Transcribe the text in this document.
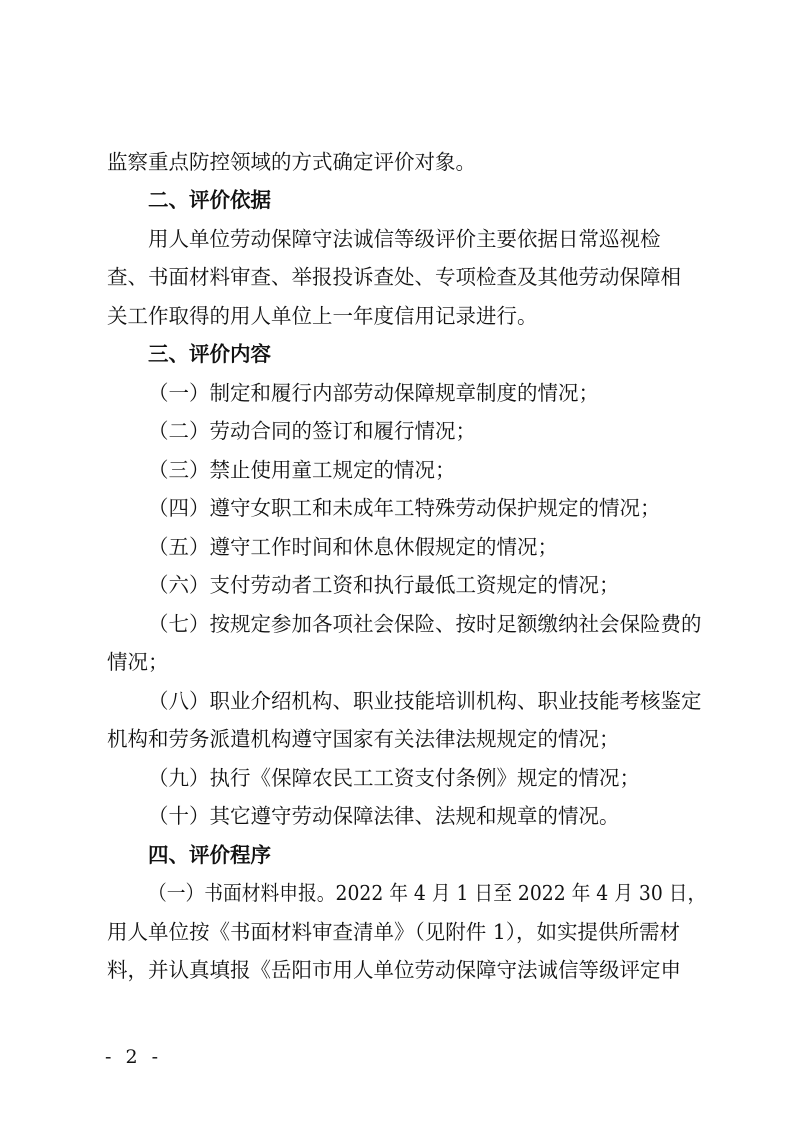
监察重点防控领域的方式确定评价对象。
二、评价依据
用人单位劳动保障守法诚信等级评价主要依据日常巡视检
查、书面材料审查、举报投诉查处、专项检查及其他劳动保障相
关工作取得的用人单位上一年度信用记录进行。
三、评价内容
（一）制定和履行内部劳动保障规章制度的情况；
（二）劳动合同的签订和履行情况；
（三）禁止使用童工规定的情况；
（四）遵守女职工和未成年工特殊劳动保护规定的情况；
（五）遵守工作时间和休息休假规定的情况；
（六）支付劳动者工资和执行最低工资规定的情况；
（七）按规定参加各项社会保险、按时足额缴纳社会保险费的
情况；
（八）职业介绍机构、职业技能培训机构、职业技能考核鉴定
机构和劳务派遣机构遵守国家有关法律法规规定的情况；
（九）执行《保障农民工工资支付条例》规定的情况；
（十）其它遵守劳动保障法律、法规和规章的情况。
四、评价程序
（一）书面材料申报。2022 年 4 月 1 日至 2022 年 4 月 30 日，
用人单位按《书面材料审查清单》（见附件 1），如实提供所需材
料，并认真填报《岳阳市用人单位劳动保障守法诚信等级评定申
- 2 -
